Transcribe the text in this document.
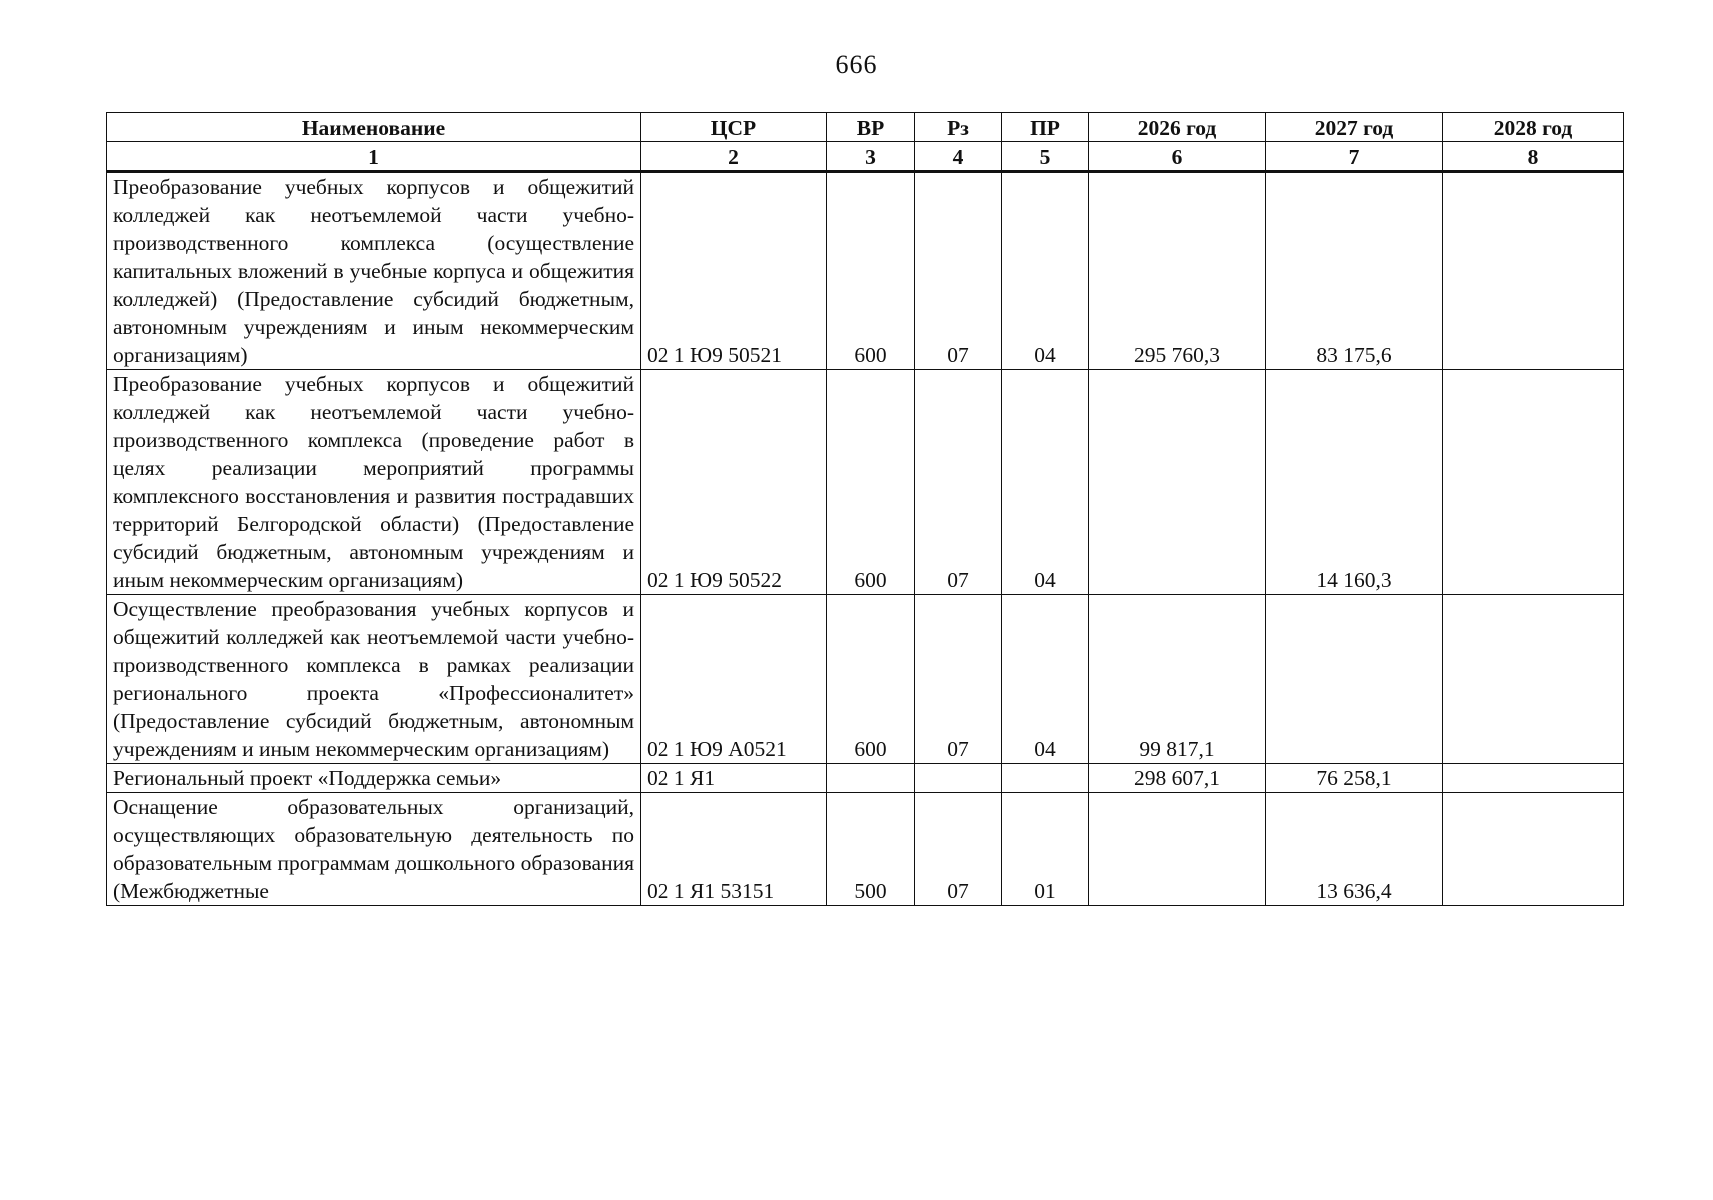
666
Наименование	ЦСР	ВР	Рз	ПР	2026 год	2027 год	2028 год
1	2	3	4	5	6	7	8
Преобразование учебных корпусов и общежитий колледжей как неотъемлемой части учебно-производственного комплекса (осуществление капитальных вложений в учебные корпуса и общежития колледжей) (Предоставление субсидий бюджетным, автономным учреждениям и иным некоммерческим организациям)	02 1 Ю9 50521	600	07	04	295 760,3	83 175,6	
Преобразование учебных корпусов и общежитий колледжей как неотъемлемой части учебно-производственного комплекса (проведение работ в целях реализации мероприятий программы комплексного восстановления и развития пострадавших территорий Белгородской области) (Предоставление субсидий бюджетным, автономным учреждениям и иным некоммерческим организациям)	02 1 Ю9 50522	600	07	04		14 160,3	
Осуществление преобразования учебных корпусов и общежитий колледжей как неотъемлемой части учебно-производственного комплекса в рамках реализации регионального проекта «Профессионалитет» (Предоставление субсидий бюджетным, автономным учреждениям и иным некоммерческим организациям)	02 1 Ю9 А0521	600	07	04	99 817,1		
Региональный проект «Поддержка семьи»	02 1 Я1				298 607,1	76 258,1	
Оснащение образовательных организаций, осуществляющих образовательную деятельность по образовательным программам дошкольного образования (Межбюджетные	02 1 Я1 53151	500	07	01		13 636,4	
